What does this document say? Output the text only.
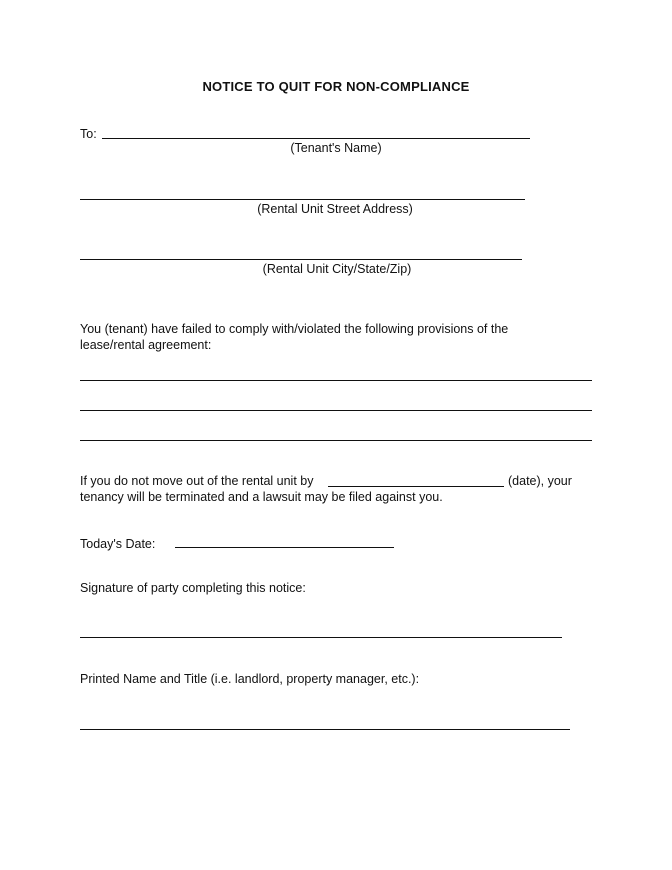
NOTICE TO QUIT FOR NON-COMPLIANCE
To:
(Tenant's Name)
(Rental Unit Street Address)
(Rental Unit City/State/Zip)
You (tenant) have failed to comply with/violated the following provisions of the
lease/rental agreement:
If you do not move out of the rental unit by	(date), your
tenancy will be terminated and a lawsuit may be filed against you.
Today's Date:
Signature of party completing this notice:
Printed Name and Title (i.e. landlord, property manager, etc.):
